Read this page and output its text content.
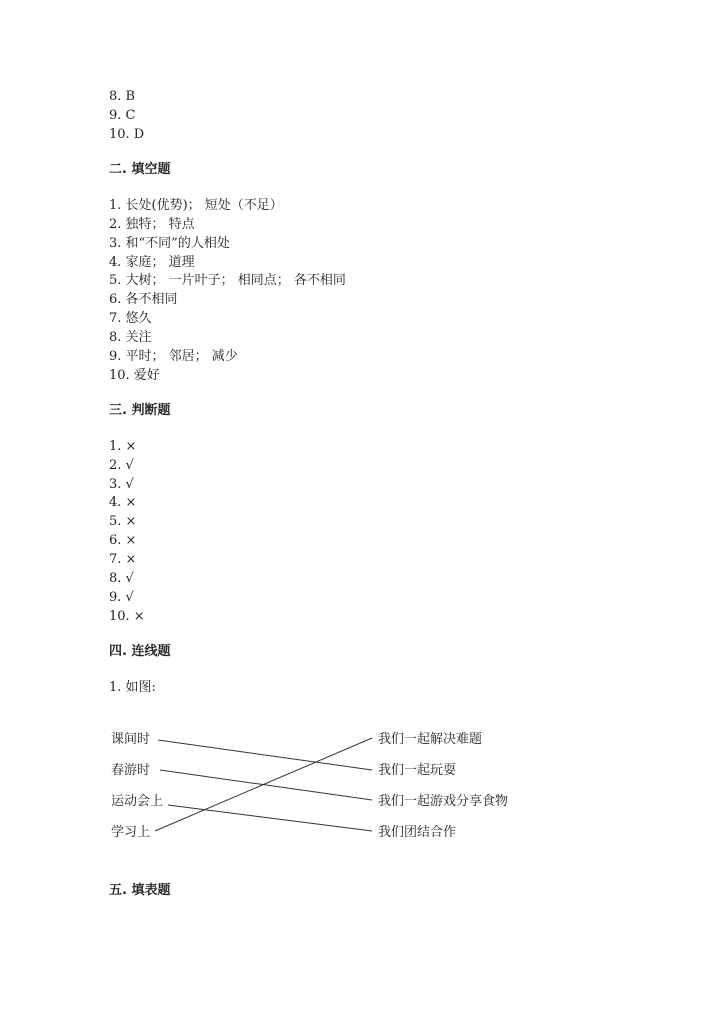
8. B
9. C
10. D
二. 填空题
1. 长处(优势)； 短处（不足）
2. 独特； 特点
3. 和“不同”的人相处
4. 家庭； 道理
5. 大树； 一片叶子； 相同点； 各不相同
6. 各不相同
7. 悠久
8. 关注
9. 平时； 邻居； 减少
10. 爱好
三. 判断题
1. ×
2. √
3. √
4. ×
5. ×
6. ×
7. ×
8. √
9. √
10. ×
四. 连线题
1. 如图:
课间时
春游时
运动会上
学习上
我们一起解决难题
我们一起玩耍
我们一起游戏分享食物
我们团结合作
五. 填表题
